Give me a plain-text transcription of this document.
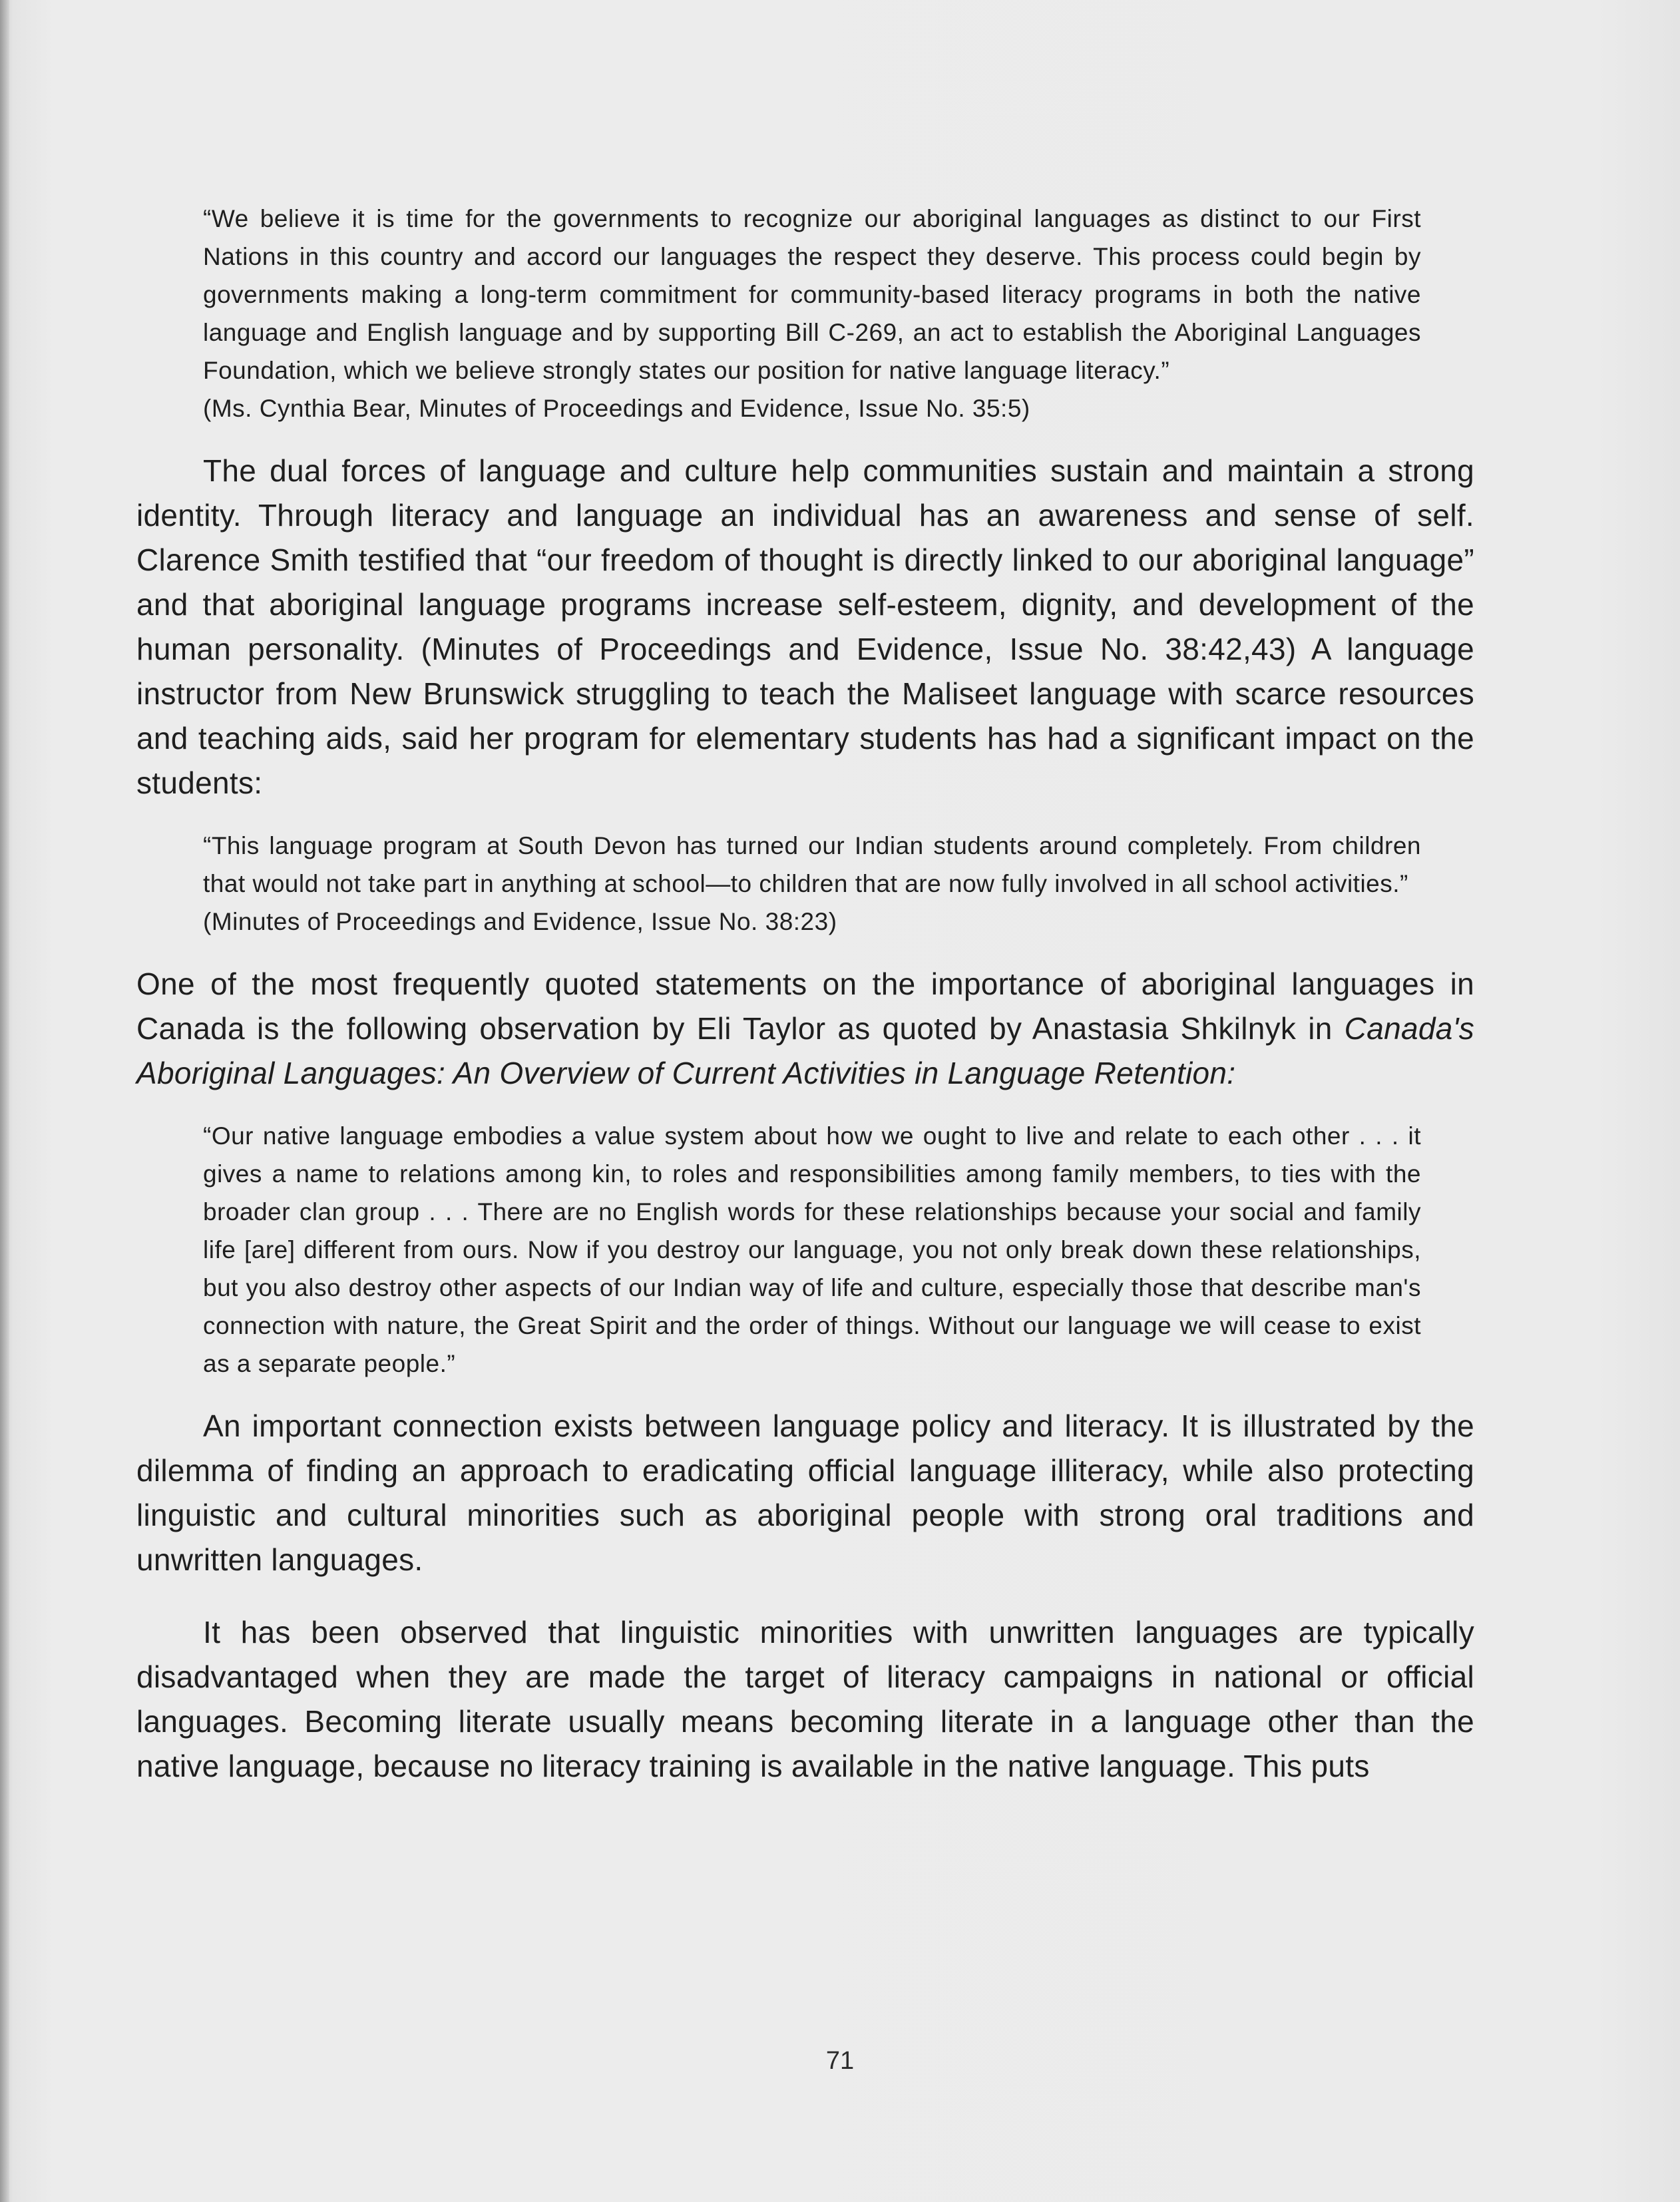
“We believe it is time for the governments to recognize our aboriginal languages as distinct to our First Nations in this country and accord our languages the respect they deserve. This process could begin by governments making a long-term commitment for community-based literacy programs in both the native language and English language and by supporting Bill C-269, an act to establish the Aboriginal Languages Foundation, which we believe strongly states our position for native language literacy.”

(Ms. Cynthia Bear, Minutes of Proceedings and Evidence, Issue No. 35:5)

The dual forces of language and culture help communities sustain and maintain a strong identity. Through literacy and language an individual has an awareness and sense of self. Clarence Smith testified that “our freedom of thought is directly linked to our aboriginal language” and that aboriginal language programs increase self-esteem, dignity, and development of the human personality. (Minutes of Proceedings and Evidence, Issue No. 38:42,43) A language instructor from New Brunswick struggling to teach the Maliseet language with scarce resources and teaching aids, said her program for elementary students has had a significant impact on the students:

“This language program at South Devon has turned our Indian students around completely. From children that would not take part in anything at school—to children that are now fully involved in all school activities.”

(Minutes of Proceedings and Evidence, Issue No. 38:23)

One of the most frequently quoted statements on the importance of aboriginal languages in Canada is the following observation by Eli Taylor as quoted by Anastasia Shkilnyk in Canada's Aboriginal Languages: An Overview of Current Activities in Language Retention:

“Our native language embodies a value system about how we ought to live and relate to each other . . . it gives a name to relations among kin, to roles and responsibilities among family members, to ties with the broader clan group . . . There are no English words for these relationships because your social and family life [are] different from ours. Now if you destroy our language, you not only break down these relationships, but you also destroy other aspects of our Indian way of life and culture, especially those that describe man's connection with nature, the Great Spirit and the order of things. Without our language we will cease to exist as a separate people.”

An important connection exists between language policy and literacy. It is illustrated by the dilemma of finding an approach to eradicating official language illiteracy, while also protecting linguistic and cultural minorities such as aboriginal people with strong oral traditions and unwritten languages.

It has been observed that linguistic minorities with unwritten languages are typically disadvantaged when they are made the target of literacy campaigns in national or official languages. Becoming literate usually means becoming literate in a language other than the native language, because no literacy training is available in the native language. This puts

71
